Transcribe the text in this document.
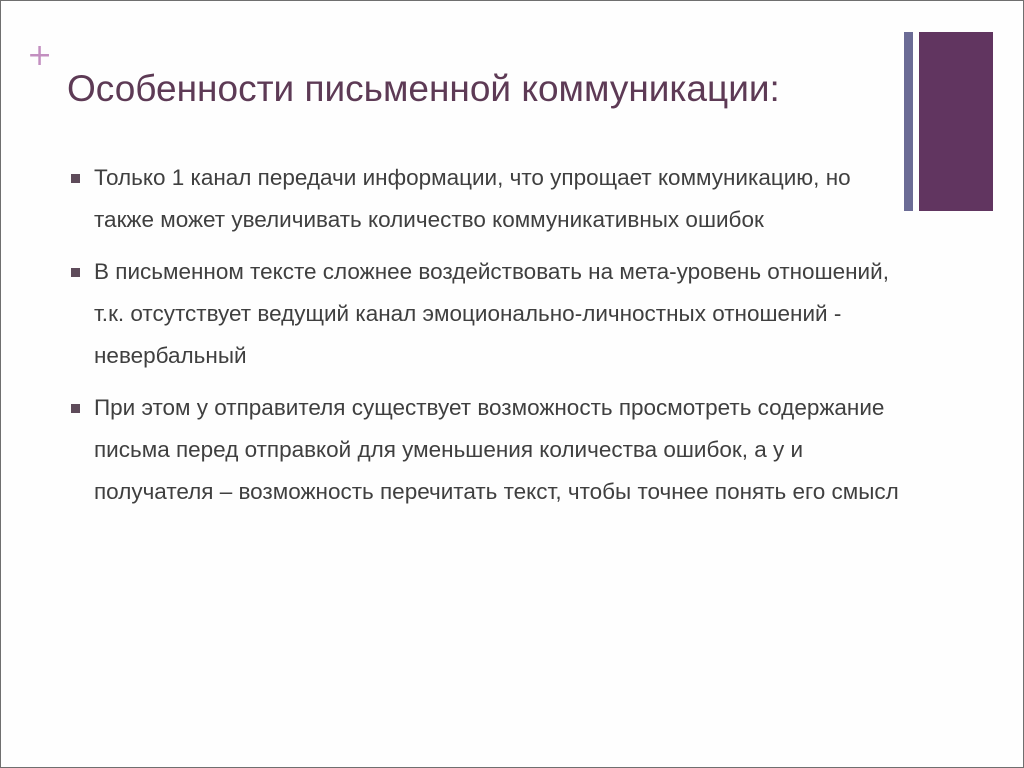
+
Особенности письменной коммуникации:
Только 1 канал передачи информации, что упрощает коммуникацию, но также может увеличивать количество коммуникативных ошибок
В письменном тексте сложнее воздействовать на мета-уровень отношений, т.к. отсутствует ведущий канал эмоционально-личностных отношений - невербальный
При этом у отправителя существует возможность просмотреть содержание письма перед отправкой для уменьшения количества ошибок, а у и получателя – возможность перечитать текст, чтобы точнее понять его смысл
